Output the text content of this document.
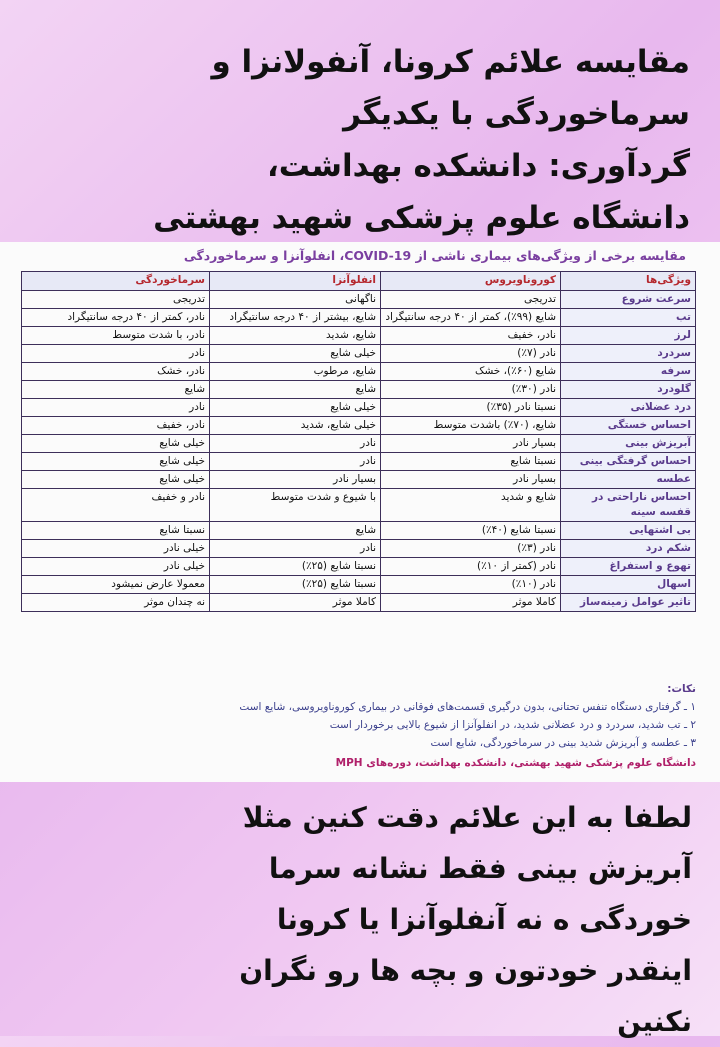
مقایسه علائم کرونا، آنفولانزا و
سرماخوردگی با یکدیگر
گردآوری: دانشکده بهداشت،
دانشگاه علوم پزشکی شهید بهشتی
مقایسه برخی از ویژگی‌های بیماری ناشی از COVID-19، انفلوآنزا و سرماخوردگی
ویژگی‌ها	کوروناویروس	انفلوآنزا	سرماخوردگی
سرعت شروع	تدریجی	ناگهانی	تدریجی
تب	شایع (۹۹٪)، کمتر از ۴۰ درجه سانتیگراد	شایع، بیشتر از ۴۰ درجه سانتیگراد	نادر، کمتر از ۴۰ درجه سانتیگراد
لرز	نادر، خفیف	شایع، شدید	نادر، با شدت متوسط
سردرد	نادر (۷٪)	خیلی شایع	نادر
سرفه	شایع (۶۰٪)، خشک	شایع، مرطوب	نادر، خشک
گلودرد	نادر (۳۰٪)	شایع	شایع
درد عضلانی	نسبتا نادر (۳۵٪)	خیلی شایع	نادر
احساس خستگی	شایع، (۷۰٪) باشدت متوسط	خیلی شایع، شدید	نادر، خفیف
آبریزش بینی	بسیار نادر	نادر	خیلی شایع
احساس گرفتگی بینی	نسبتا شایع	نادر	خیلی شایع
عطسه	بسیار نادر	بسیار نادر	خیلی شایع
احساس ناراحتی در قفسه سینه	شایع و شدید	با شیوع و شدت متوسط	نادر و خفیف
بی اشتهایی	نسبتا شایع (۴۰٪)	شایع	نسبتا شایع
شکم درد	نادر (۳٪)	نادر	خیلی نادر
تهوع و استفراغ	نادر (کمتر از ۱۰٪)	نسبتا شایع (۲۵٪)	خیلی نادر
اسهال	نادر (۱۰٪)	نسبتا شایع (۲۵٪)	معمولا عارض نمیشود
تاثیر عوامل زمینه‌ساز	کاملا موثر	کاملا موثر	نه چندان موثر
نکات:
۱ ـ گرفتاری دستگاه تنفس تحتانی، بدون درگیری قسمت‌های فوقانی در بیماری کوروناویروسی، شایع است
۲ ـ تب شدید، سردرد و درد عضلانی شدید، در انفلوآنزا از شیوع بالایی برخوردار است
۳ ـ عطسه و آبریزش شدید بینی در سرماخوردگی، شایع است
دانشگاه علوم پزشکی شهید بهشتی، دانشکده بهداشت، دوره‌های MPH
لطفا به این علائم دقت کنین مثلا
آبریزش بینی فقط نشانه سرما
خوردگی ه نه آنفلوآنزا یا کرونا
اینقدر خودتون و بچه ها رو نگران
نکنین
